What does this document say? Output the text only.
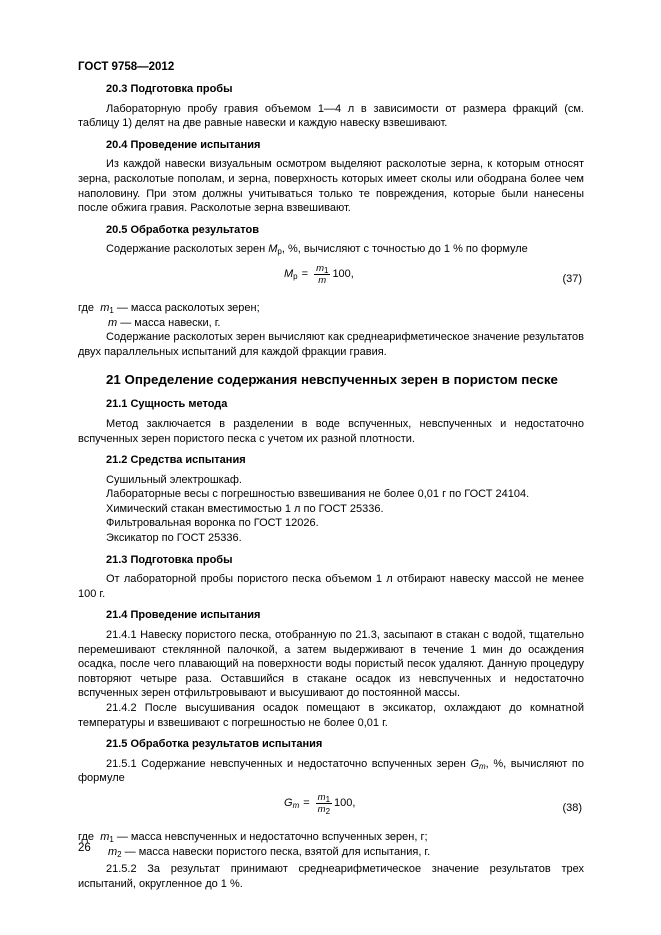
ГОСТ 9758—2012

20.3 Подготовка пробы

Лабораторную пробу гравия объемом 1—4 л в зависимости от размера фракций (см. таблицу 1) делят на две равные навески и каждую навеску взвешивают.

20.4 Проведение испытания

Из каждой навески визуальным осмотром выделяют расколотые зерна, к которым относят зерна, расколотые пополам, и зерна, поверхность которых имеет сколы или ободрана более чем наполовину. При этом должны учитываться только те повреждения, которые были нанесены после обжига гравия. Расколотые зерна взвешивают.

20.5 Обработка результатов

Содержание расколотых зерен $M_р$, %, вычисляют с точностью до 1 % по формуле

$M_р = \frac{m_1}{m} 100$,	(37)

где $m_1$ — масса расколотых зерен;

m — масса навески, г.

Содержание расколотых зерен вычисляют как среднеарифметическое значение результатов двух параллельных испытаний для каждой фракции гравия.

21 Определение содержания невспученных зерен в пористом песке

21.1 Сущность метода

Метод заключается в разделении в воде вспученных, невспученных и недостаточно вспученных зерен пористого песка с учетом их разной плотности.

21.2 Средства испытания

Сушильный электрошкаф.

Лабораторные весы с погрешностью взвешивания не более 0,01 г по ГОСТ 24104.

Химический стакан вместимостью 1 л по ГОСТ 25336.

Фильтровальная воронка по ГОСТ 12026.

Эксикатор по ГОСТ 25336.

21.3 Подготовка пробы

От лабораторной пробы пористого песка объемом 1 л отбирают навеску массой не менее 100 г.

21.4 Проведение испытания

21.4.1 Навеску пористого песка, отобранную по 21.3, засыпают в стакан с водой, тщательно перемешивают стеклянной палочкой, а затем выдерживают в течение 1 мин до осаждения осадка, после чего плавающий на поверхности воды пористый песок удаляют. Данную процедуру повторяют четыре раза. Оставшийся в стакане осадок из невспученных и недостаточно вспученных зерен отфильтровывают и высушивают до постоянной массы.

21.4.2 После высушивания осадок помещают в эксикатор, охлаждают до комнатной температуры и взвешивают с погрешностью не более 0,01 г.

21.5 Обработка результатов испытания

21.5.1 Содержание невспученных и недостаточно вспученных зерен $G_m$, %, вычисляют по формуле

$G_m = \frac{m_1}{m_2} 100$,	(38)

где $m_1$ — масса невспученных и недостаточно вспученных зерен, г;

$m_2$ — масса навески пористого песка, взятой для испытания, г.

21.5.2 За результат принимают среднеарифметическое значение результатов трех испытаний, округленное до 1 %.

26
